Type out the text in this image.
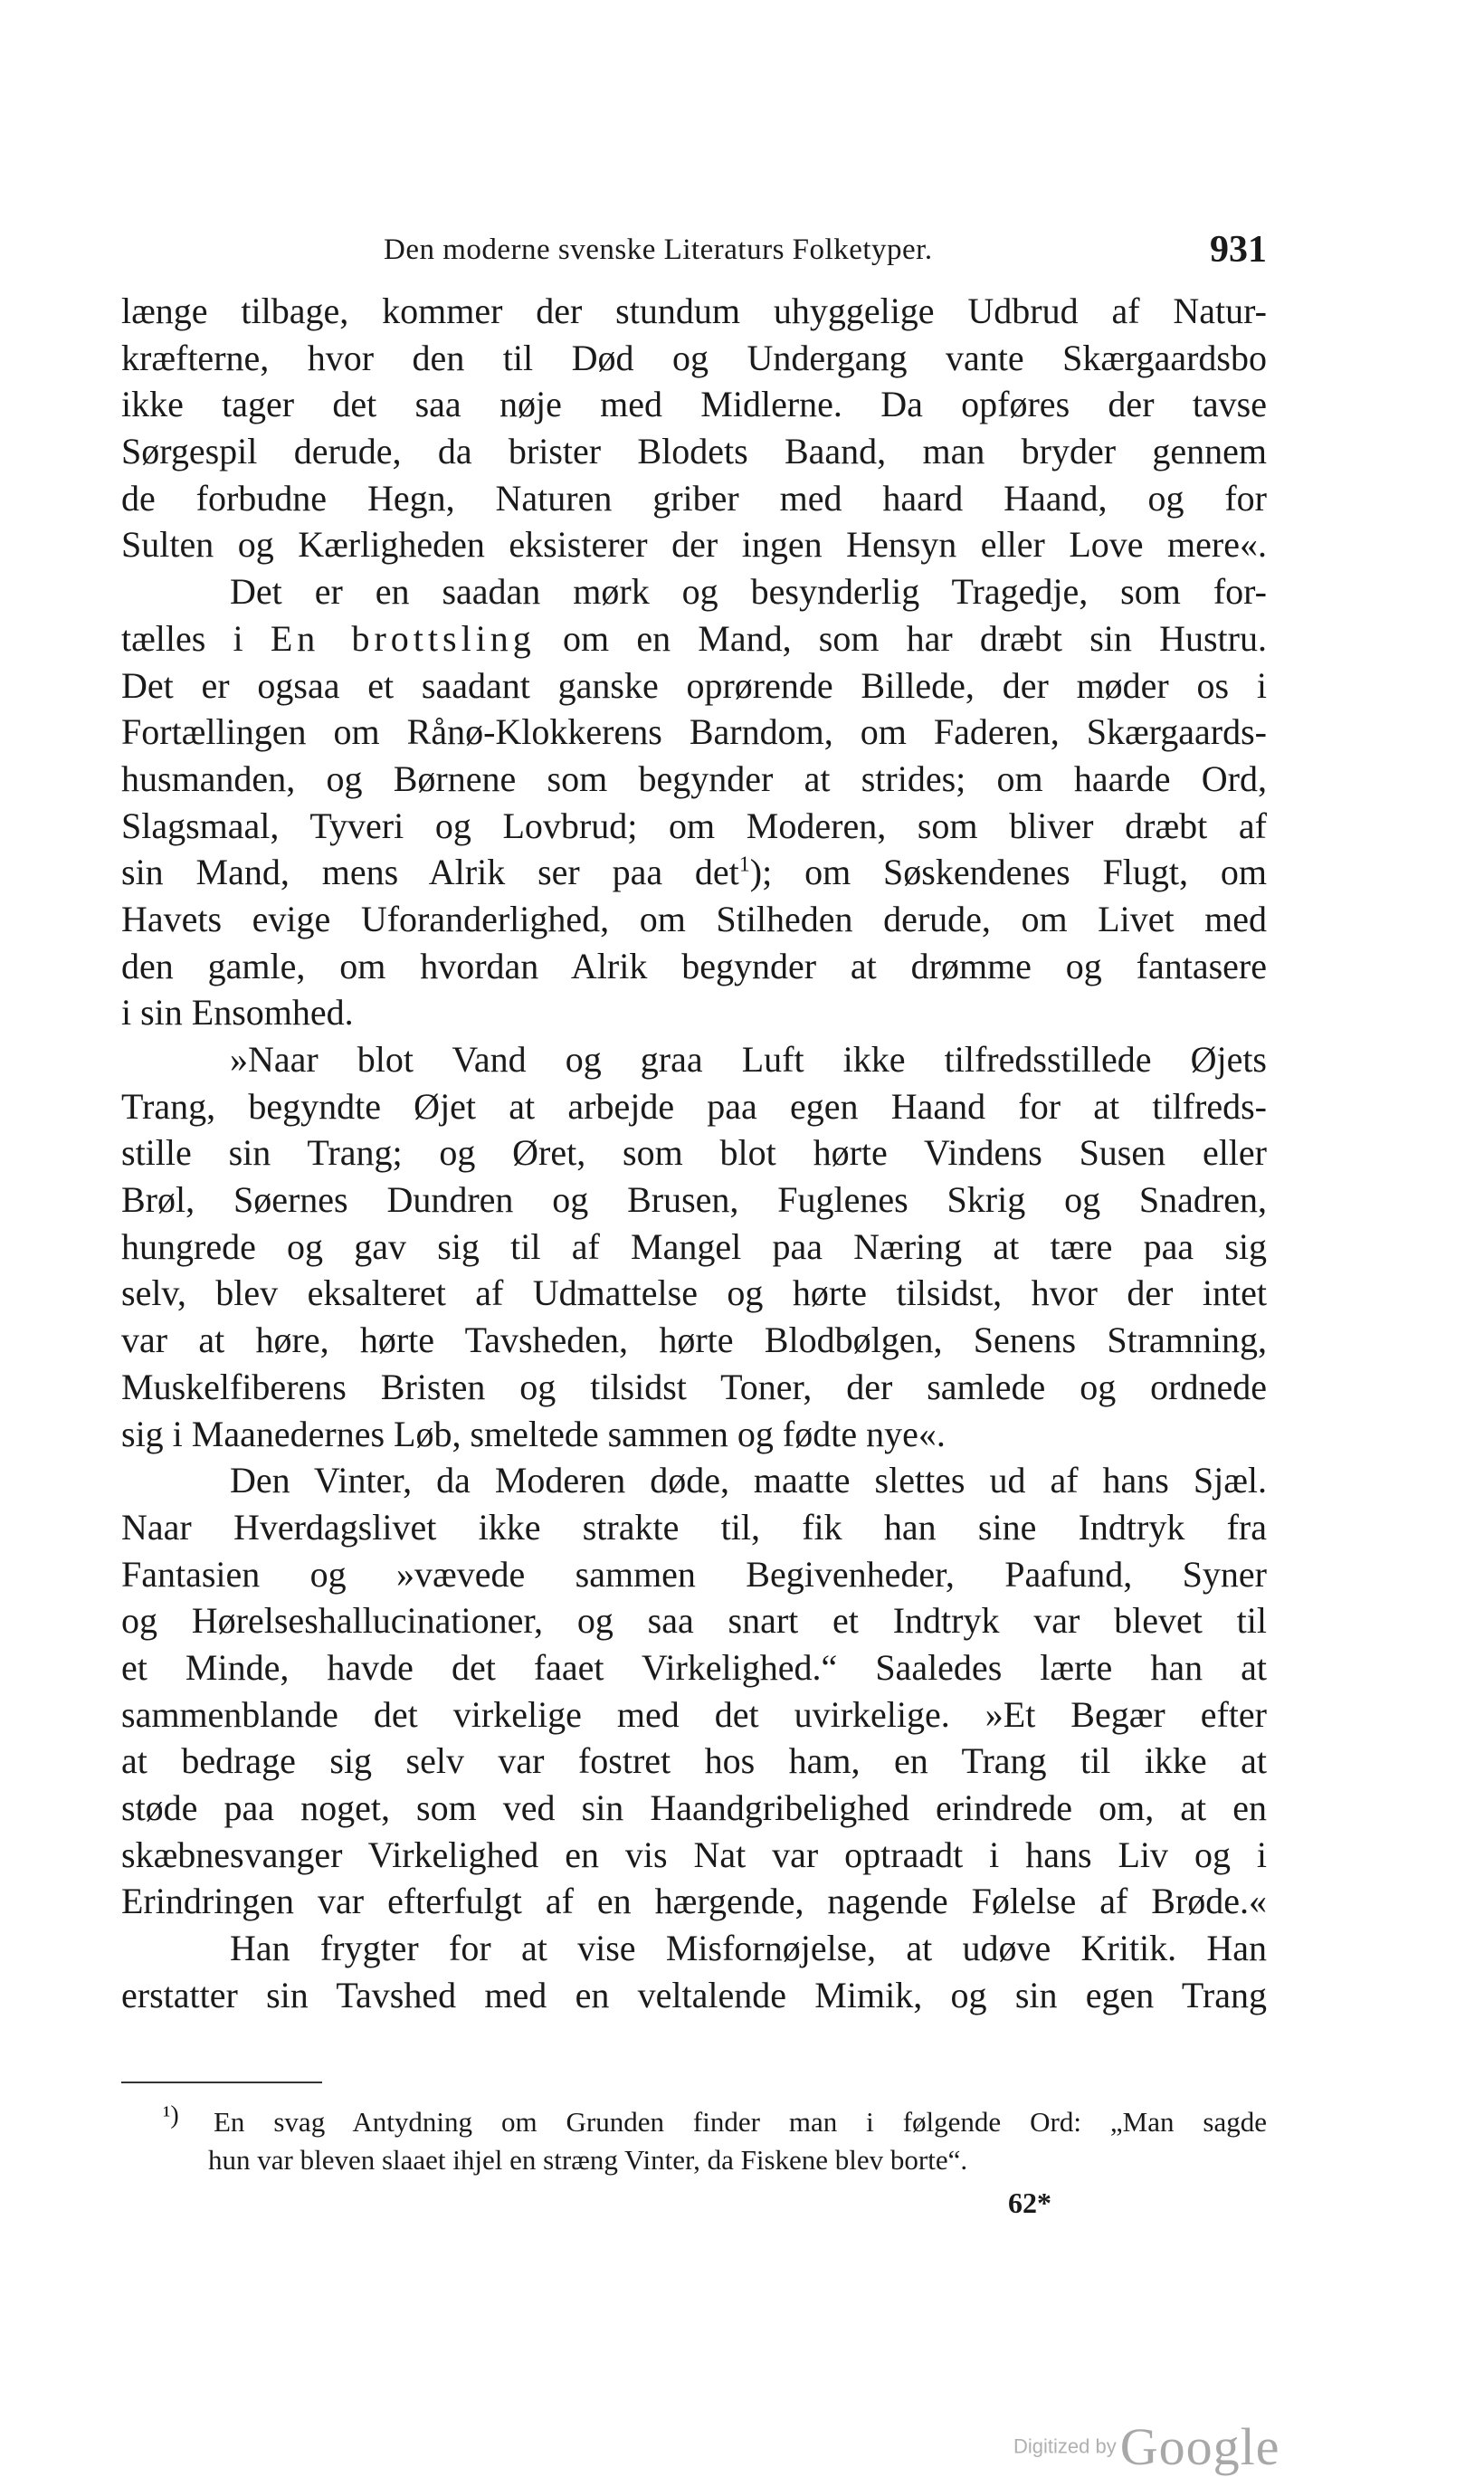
Den moderne svenske Literaturs Folketyper.	931
længe tilbage, kommer der stundum uhyggelige Udbrud af Natur-
kræfterne, hvor den til Død og Undergang vante Skærgaardsbo
ikke tager det saa nøje med Midlerne. Da opføres der tavse
Sørgespil derude, da brister Blodets Baand, man bryder gennem
de forbudne Hegn, Naturen griber med haard Haand, og for
Sulten og Kærligheden eksisterer der ingen Hensyn eller Love mere«.
Det er en saadan mørk og besynderlig Tragedje, som for-
tælles i En brottsling om en Mand, som har dræbt sin Hustru.
Det er ogsaa et saadant ganske oprørende Billede, der møder os i
Fortællingen om Rånø-Klokkerens Barndom, om Faderen, Skærgaards-
husmanden, og Børnene som begynder at strides; om haarde Ord,
Slagsmaal, Tyveri og Lovbrud; om Moderen, som bliver dræbt af
sin Mand, mens Alrik ser paa $\det^1$); om Søskendenes Flugt, om
Havets evige Uforanderlighed, om Stilheden derude, om Livet med
den gamle, om hvordan Alrik begynder at drømme og fantasere
i sin Ensomhed.
»Naar blot Vand og graa Luft ikke tilfredsstillede Øjets
Trang, begyndte Øjet at arbejde paa egen Haand for at tilfreds-
stille sin Trang; og Øret, som blot hørte Vindens Susen eller
Brøl, Søernes Dundren og Brusen, Fuglenes Skrig og Snadren,
hungrede og gav sig til af Mangel paa Næring at tære paa sig
selv, blev eksalteret af Udmattelse og hørte tilsidst, hvor der intet
var at høre, hørte Tavsheden, hørte Blodbølgen, Senens Stramning,
Muskelfiberens Bristen og tilsidst Toner, der samlede og ordnede
sig i Maanedernes Løb, smeltede sammen og fødte nye«.
Den Vinter, da Moderen døde, maatte slettes ud af hans Sjæl.
Naar Hverdagslivet ikke strakte til, fik han sine Indtryk fra
Fantasien og »vævede sammen Begivenheder, Paafund, Syner
og Hørelseshallucinationer, og saa snart et Indtryk var blevet til
et Minde, havde det faaet Virkelighed.“ Saaledes lærte han at
sammenblande det virkelige med det uvirkelige. »Et Begær efter
at bedrage sig selv var fostret hos ham, en Trang til ikke at
støde paa noget, som ved sin Haandgribelighed erindrede om, at en
skæbnesvanger Virkelighed en vis Nat var optraadt i hans Liv og i
Erindringen var efterfulgt af en hærgende, nagende Følelse af Brøde.«
Han frygter for at vise Misfornøjelse, at udøve Kritik. Han
erstatter sin Tavshed med en veltalende Mimik, og sin egen Trang
¹)	En svag Antydning om Grunden finder man i følgende Ord: „Man sagde
hun var bleven slaaet ihjel en stræng Vinter, da Fiskene blev borte“.
62*
Digitized by Google
